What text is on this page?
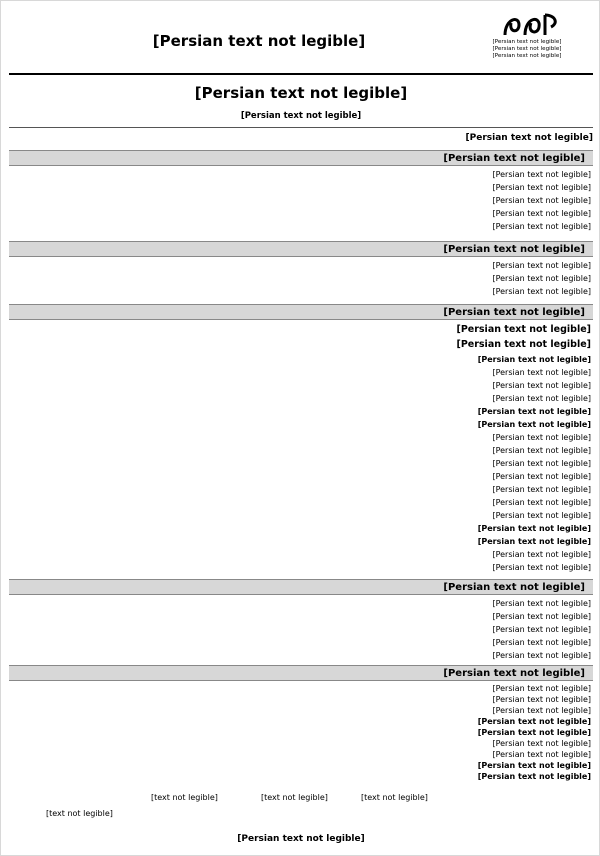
[Persian text not legible]
[Persian text not legible]
[Persian text not legible]
[Persian text not legible]
[Persian text not legible]
[Persian text not legible]
[Persian text not legible]
[Persian text not legible]
[Persian text not legible]
[Persian text not legible]
[Persian text not legible]
[Persian text not legible]
[Persian text not legible]
[Persian text not legible]
[Persian text not legible]
[Persian text not legible]
[Persian text not legible]
[Persian text not legible]
[Persian text not legible]
[Persian text not legible]
[Persian text not legible]
[Persian text not legible]
[Persian text not legible]
[Persian text not legible]
[Persian text not legible]
[Persian text not legible]
[Persian text not legible]
[Persian text not legible]
[Persian text not legible]
[Persian text not legible]
[Persian text not legible]
[Persian text not legible]
[Persian text not legible]
[Persian text not legible]
[Persian text not legible]
[Persian text not legible]
[Persian text not legible]
[Persian text not legible]
[Persian text not legible]
[Persian text not legible]
[Persian text not legible]
[Persian text not legible]
[Persian text not legible]
[Persian text not legible]
[Persian text not legible]
[Persian text not legible]
[Persian text not legible]
[Persian text not legible]
[Persian text not legible]
[Persian text not legible]
[Persian text not legible]
[Persian text not legible]
[Persian text not legible]
[text not legible]	[text not legible]	[text not legible]
[text not legible]
[Persian text not legible]
